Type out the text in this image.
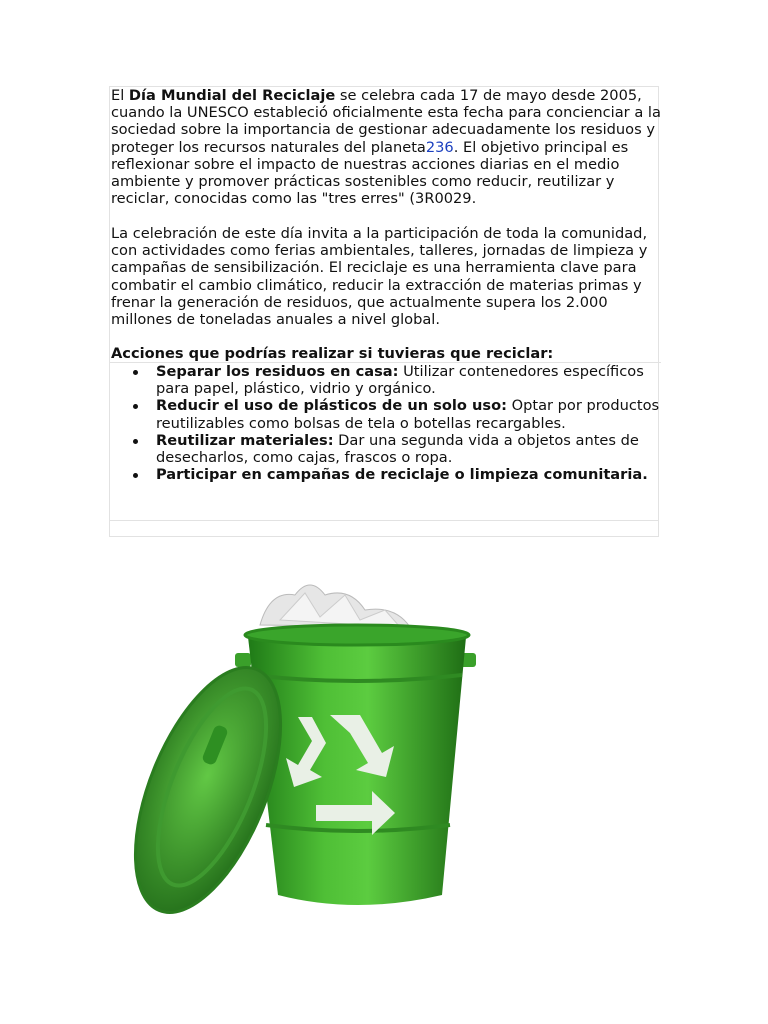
El Día Mundial del Reciclaje se celebra cada 17 de mayo desde 2005, cuando la UNESCO estableció oficialmente esta fecha para concienciar a la sociedad sobre la importancia de gestionar adecuadamente los residuos y proteger los recursos naturales del planeta236. El objetivo principal es reflexionar sobre el impacto de nuestras acciones diarias en el medio ambiente y promover prácticas sostenibles como reducir, reutilizar y reciclar, conocidas como las "tres erres" (3R0029.

La celebración de este día invita a la participación de toda la comunidad, con actividades como ferias ambientales, talleres, jornadas de limpieza y campañas de sensibilización. El reciclaje es una herramienta clave para combatir el cambio climático, reducir la extracción de materias primas y frenar la generación de residuos, que actualmente supera los 2.000 millones de toneladas anuales a nivel global.

Acciones que podrías realizar si tuvieras que reciclar:
Separar los residuos en casa: Utilizar contenedores específicos para papel, plástico, vidrio y orgánico.
Reducir el uso de plásticos de un solo uso: Optar por productos reutilizables como bolsas de tela o botellas recargables.
Reutilizar materiales: Dar una segunda vida a objetos antes de desecharlos, como cajas, frascos o ropa.
Participar en campañas de reciclaje o limpieza comunitaria.
